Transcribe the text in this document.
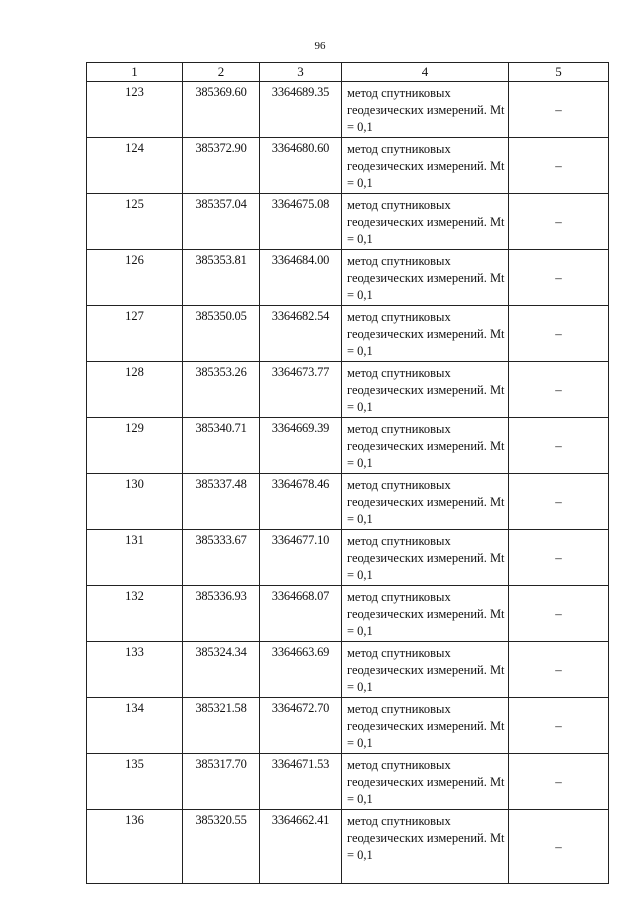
96
1	2	3	4	5
123	385369.60	3364689.35	метод спутниковых геодезических измерений. Mt = 0,1	–
124	385372.90	3364680.60	метод спутниковых геодезических измерений. Mt = 0,1	–
125	385357.04	3364675.08	метод спутниковых геодезических измерений. Mt = 0,1	–
126	385353.81	3364684.00	метод спутниковых геодезических измерений. Mt = 0,1	–
127	385350.05	3364682.54	метод спутниковых геодезических измерений. Mt = 0,1	–
128	385353.26	3364673.77	метод спутниковых геодезических измерений. Mt = 0,1	–
129	385340.71	3364669.39	метод спутниковых геодезических измерений. Mt = 0,1	–
130	385337.48	3364678.46	метод спутниковых геодезических измерений. Mt = 0,1	–
131	385333.67	3364677.10	метод спутниковых геодезических измерений. Mt = 0,1	–
132	385336.93	3364668.07	метод спутниковых геодезических измерений. Mt = 0,1	–
133	385324.34	3364663.69	метод спутниковых геодезических измерений. Mt = 0,1	–
134	385321.58	3364672.70	метод спутниковых геодезических измерений. Mt = 0,1	–
135	385317.70	3364671.53	метод спутниковых геодезических измерений. Mt = 0,1	–
136	385320.55	3364662.41	метод спутниковых геодезических измерений. Mt = 0,1	–
